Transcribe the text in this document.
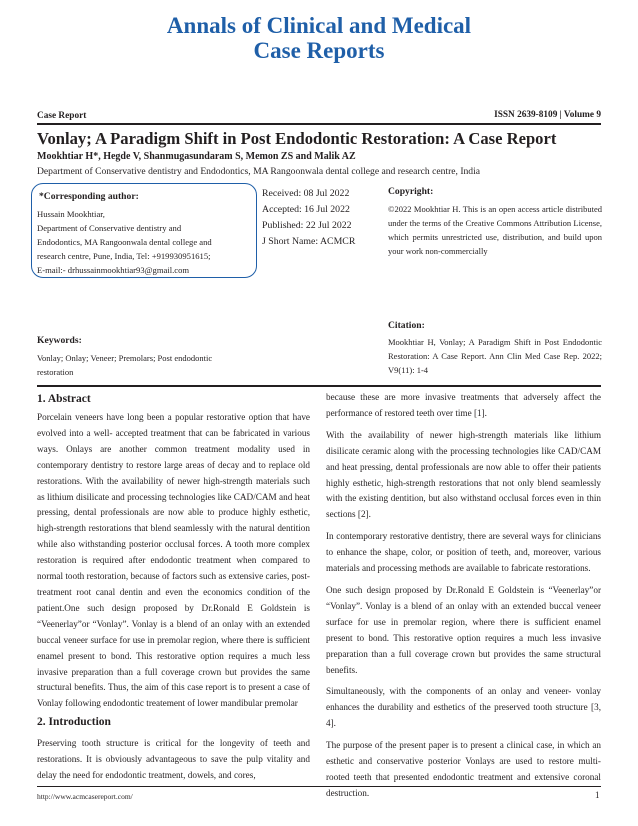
Annals of Clinical and Medical
Case Reports
Case Report	ISSN 2639-8109 | Volume 9
Vonlay; A Paradigm Shift in Post Endodontic Restoration: A Case Report
Mookhtiar H*, Hegde V, Shanmugasundaram S, Memon ZS and Malik AZ
Department of Conservative dentistry and Endodontics, MA Rangoonwala dental college and research centre, India
*Corresponding author:
Hussain Mookhtiar,
Department of Conservative dentistry and
Endodontics, MA Rangoonwala dental college and
research centre, Pune, India, Tel: +919930951615;
E-mail:- drhussainmookhtiar93@gmail.com
Received: 08 Jul 2022
Accepted: 16 Jul 2022
Published: 22 Jul 2022
J Short Name: ACMCR
Copyright:
©2022 Mookhtiar H. This is an open access article distributed under the terms of the Creative Commons Attribution License, which permits unrestricted use, distribution, and build upon your work non-commercially
Keywords:
Vonlay; Onlay; Veneer; Premolars; Post endodontic restoration
Citation:
Mookhtiar H, Vonlay; A Paradigm Shift in Post Endodontic Restoration: A Case Report. Ann Clin Med Case Rep. 2022; V9(11): 1-4
1. Abstract
Porcelain veneers have long been a popular restorative option that have evolved into a well- accepted treatment that can be fabricated in various ways. Onlays are another common treatment modality used in contemporary dentistry to restore large areas of decay and to replace old restorations. With the availability of newer high-strength materials such as lithium disilicate and processing technologies like CAD/CAM and heat pressing, dental professionals are now able to produce highly esthetic, high-strength restorations that blend seamlessly with the natural dentition while also withstanding posterior occlusal forces. A tooth more complex restoration is required after endodontic treatment when compared to normal tooth restoration, because of factors such as extensive caries, post-treatment root canal dentin and even the economics condition of the patient.One such design proposed by Dr.Ronald E Goldstein is “Veenerlay”or “Vonlay”. Vonlay is a blend of an onlay with an extended buccal veneer surface for use in premolar region, where there is sufficient enamel present to bond. This restorative option requires a much less invasive preparation than a full coverage crown but provides the same structural benefits. Thus, the aim of this case report is to present a case of Vonlay following endodontic treatement of lower mandibular premolar
2. Introduction
Preserving tooth structure is critical for the longevity of teeth and restorations. It is obviously advantageous to save the pulp vitality and delay the need for endodontic treatment, dowels, and cores,

because these are more invasive treatments that adversely affect the performance of restored teeth over time [1].

With the availability of newer high-strength materials like lithium disilicate ceramic along with the processing technologies like CAD/CAM and heat pressing, dental professionals are now able to offer their patients highly esthetic, high-strength restorations that not only blend seamlessly with the existing dentition, but also withstand occlusal forces even in thin sections [2].

In contemporary restorative dentistry, there are several ways for clinicians to enhance the shape, color, or position of teeth, and, moreover, various materials and processing methods are available to fabricate restorations.

One such design proposed by Dr.Ronald E Goldstein is “Veenerlay”or “Vonlay”. Vonlay is a blend of an onlay with an extended buccal veneer surface for use in premolar region, where there is sufficient enamel present to bond. This restorative option requires a much less invasive preparation than a full coverage crown but provides the same structural benefits.

Simultaneously, with the components of an onlay and veneer- vonlay enhances the durability and esthetics of the preserved tooth structure [3, 4].

The purpose of the present paper is to present a clinical case, in which an esthetic and conservative posterior Vonlays are used to restore multi-rooted teeth that presented endodontic treatment and extensive coronal destruction.

http://www.acmcasereport.com/	1
